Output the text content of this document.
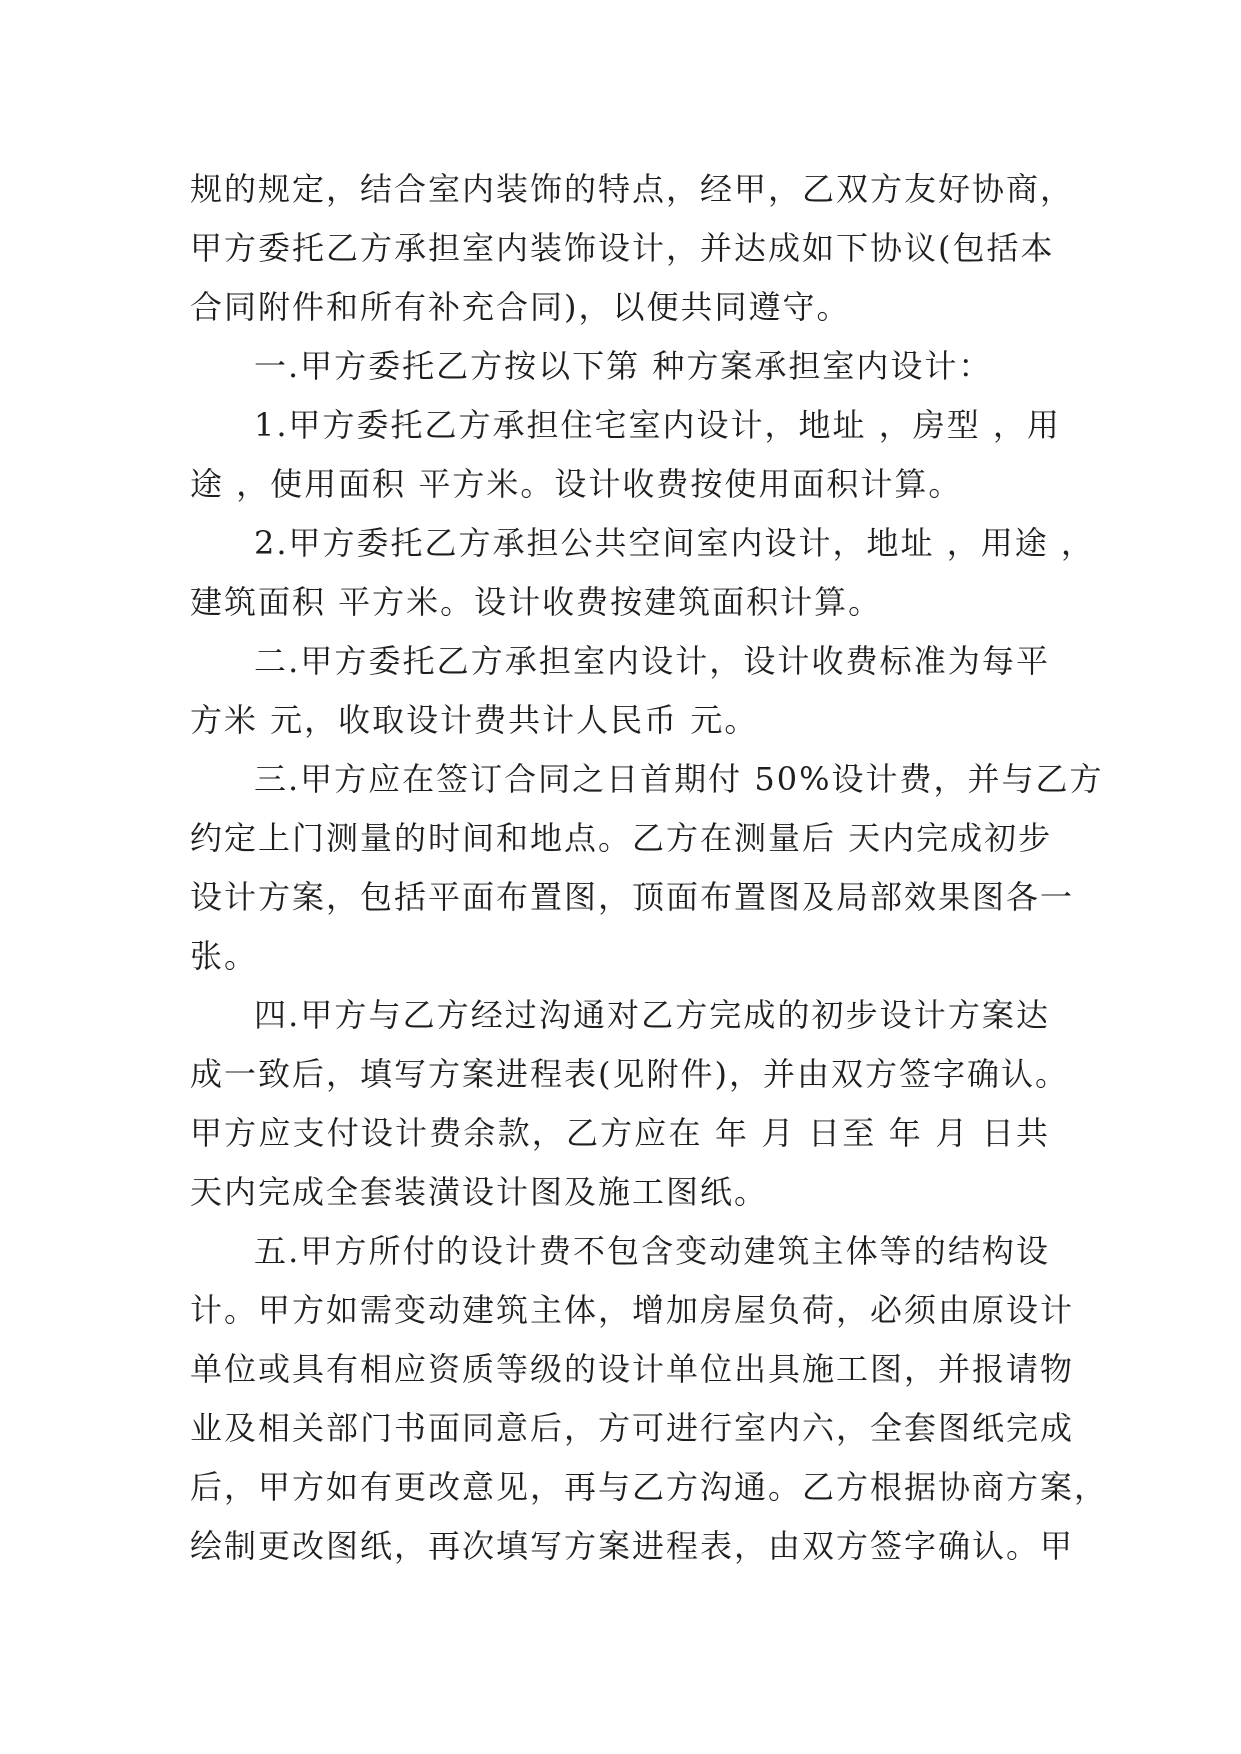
规的规定，结合室内装饰的特点，经甲，乙双方友好协商，
甲方委托乙方承担室内装饰设计，并达成如下协议(包括本
合同附件和所有补充合同)，以便共同遵守。
一.甲方委托乙方按以下第 种方案承担室内设计：
1.甲方委托乙方承担住宅室内设计，地址 ，房型 ，用
途 ，使用面积 平方米。设计收费按使用面积计算。
2.甲方委托乙方承担公共空间室内设计，地址 ，用途 ，
建筑面积 平方米。设计收费按建筑面积计算。
二.甲方委托乙方承担室内设计，设计收费标准为每平
方米 元，收取设计费共计人民币 元。
三.甲方应在签订合同之日首期付 50%设计费，并与乙方
约定上门测量的时间和地点。乙方在测量后 天内完成初步
设计方案，包括平面布置图，顶面布置图及局部效果图各一
张。
四.甲方与乙方经过沟通对乙方完成的初步设计方案达
成一致后，填写方案进程表(见附件)，并由双方签字确认。
甲方应支付设计费余款，乙方应在 年 月 日至 年 月 日共
天内完成全套装潢设计图及施工图纸。
五.甲方所付的设计费不包含变动建筑主体等的结构设
计。甲方如需变动建筑主体，增加房屋负荷，必须由原设计
单位或具有相应资质等级的设计单位出具施工图，并报请物
业及相关部门书面同意后，方可进行室内六，全套图纸完成
后，甲方如有更改意见，再与乙方沟通。乙方根据协商方案，
绘制更改图纸，再次填写方案进程表，由双方签字确认。甲
